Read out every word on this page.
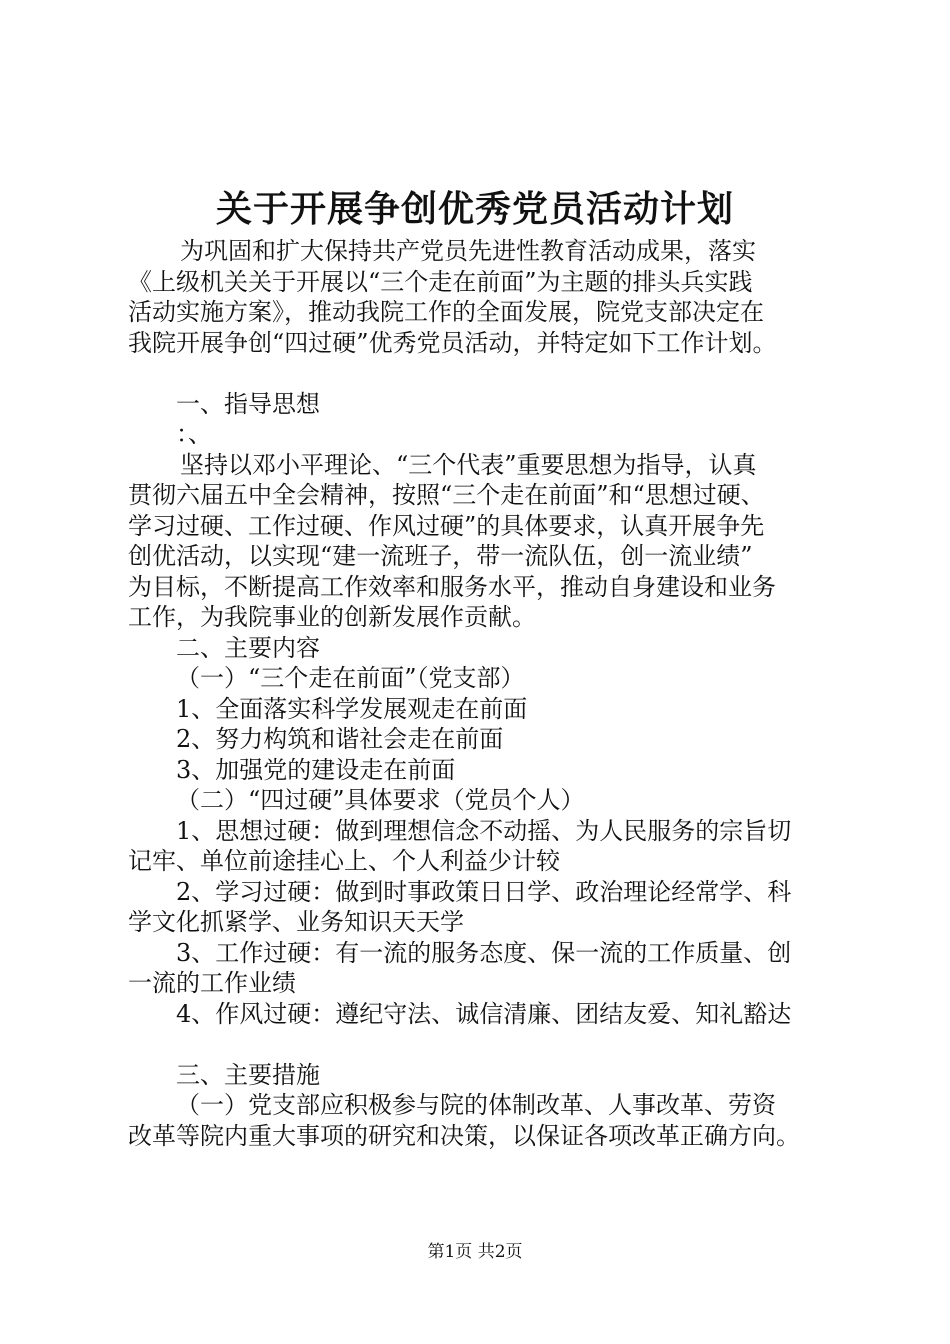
关于开展争创优秀党员活动计划
为巩固和扩大保持共产党员先进性教育活动成果，落实
《上级机关关于开展以“三个走在前面”为主题的排头兵实践
活动实施方案》，推动我院工作的全面发展，院党支部决定在
我院开展争创“四过硬”优秀党员活动，并特定如下工作计划。
一、指导思想
：、
坚持以邓小平理论、“三个代表”重要思想为指导，认真
贯彻六届五中全会精神，按照“三个走在前面”和“思想过硬、
学习过硬、工作过硬、作风过硬”的具体要求，认真开展争先
创优活动，以实现“建一流班子，带一流队伍，创一流业绩”
为目标，不断提高工作效率和服务水平，推动自身建设和业务
工作，为我院事业的创新发展作贡献。
二、主要内容
（一）“三个走在前面”（党支部）
1、全面落实科学发展观走在前面
2、努力构筑和谐社会走在前面
3、加强党的建设走在前面
（二）“四过硬”具体要求（党员个人）
1、思想过硬：做到理想信念不动摇、为人民服务的宗旨切
记牢、单位前途挂心上、个人利益少计较
2、学习过硬：做到时事政策日日学、政治理论经常学、科
学文化抓紧学、业务知识天天学
3、工作过硬：有一流的服务态度、保一流的工作质量、创
一流的工作业绩
4、作风过硬：遵纪守法、诚信清廉、团结友爱、知礼豁达
三、主要措施
（一）党支部应积极参与院的体制改革、人事改革、劳资
改革等院内重大事项的研究和决策，以保证各项改革正确方向。
第1页 共2页
